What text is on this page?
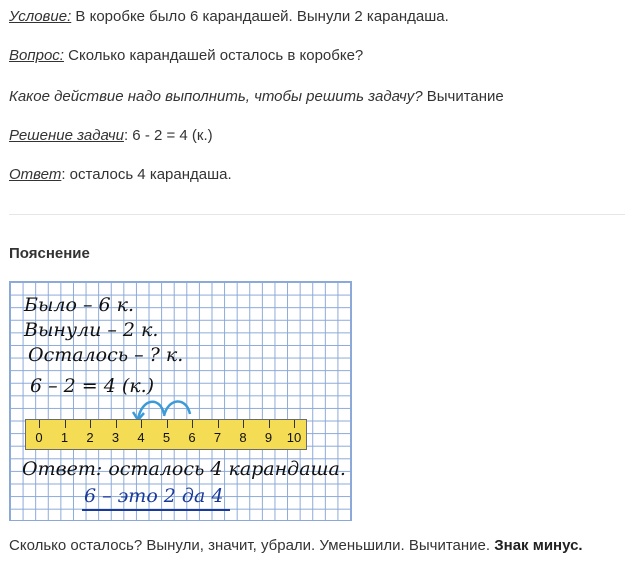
Условие: В коробке было 6 карандашей. Вынули 2 карандаша.
Вопрос: Сколько карандашей осталось в коробке?
Какое действие надо выполнить, чтобы решить задачу? Вычитание
Решение задачи: 6 - 2 = 4 (к.)
Ответ: осталось 4 карандаша.
Пояснение
Было – 6 к.
Вынули – 2 к.
Осталось – ? к.
6 – 2 = 4 (к.)
0 1 2 3 4 5 6 7 8 9 10
Ответ: осталось 4 карандаша.
6 – это 2 да 4
Сколько осталось? Вынули, значит, убрали. Уменьшили. Вычитание. Знак минус.
